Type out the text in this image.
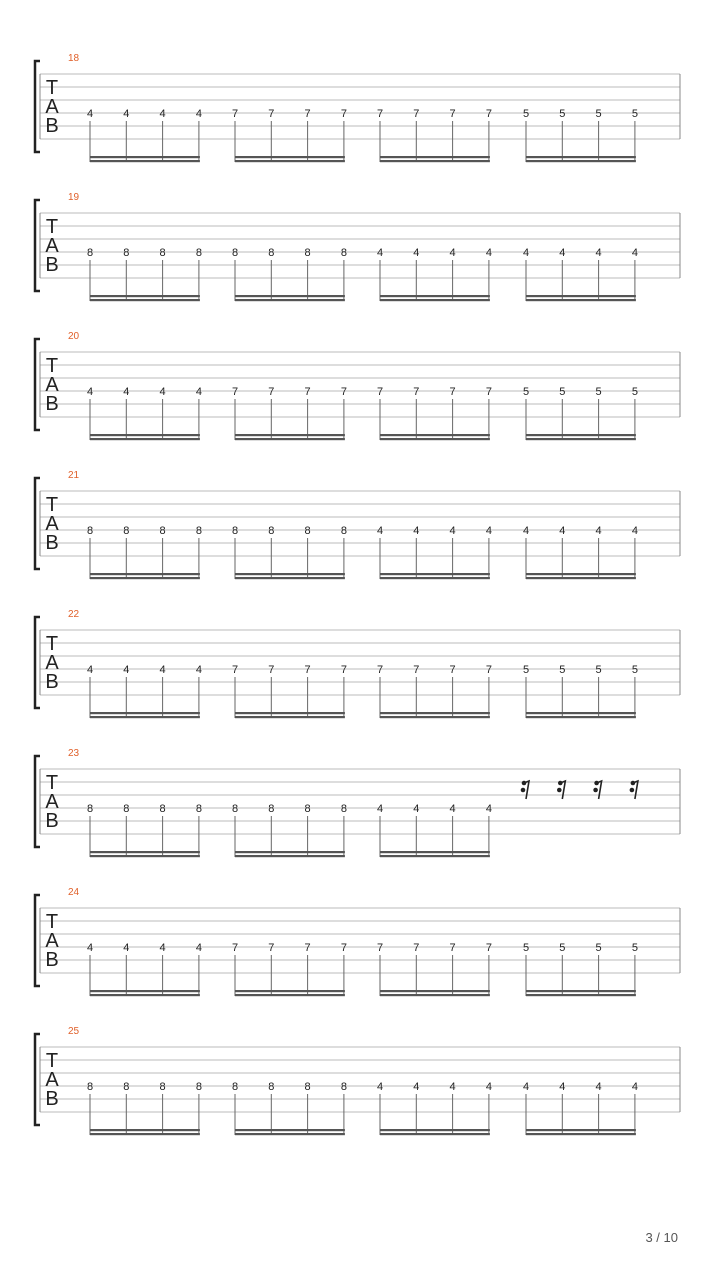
T
A
B
18
4	4	4	4	7	7	7	7	7	7	7	7	5	5	5	5
T
A
B
19
8	8	8	8	8	8	8	8	4	4	4	4	4	4	4	4
T
A
B
20
4	4	4	4	7	7	7	7	7	7	7	7	5	5	5	5
T
A
B
21
8	8	8	8	8	8	8	8	4	4	4	4	4	4	4	4
T
A
B
22
4	4	4	4	7	7	7	7	7	7	7	7	5	5	5	5
T
A
B
23
8	8	8	8	8	8	8	8	4	4	4	4
T
A
B
24
4	4	4	4	7	7	7	7	7	7	7	7	5	5	5	5
T
A
B
25
8	8	8	8	8	8	8	8	4	4	4	4	4	4	4	4
3 / 10
